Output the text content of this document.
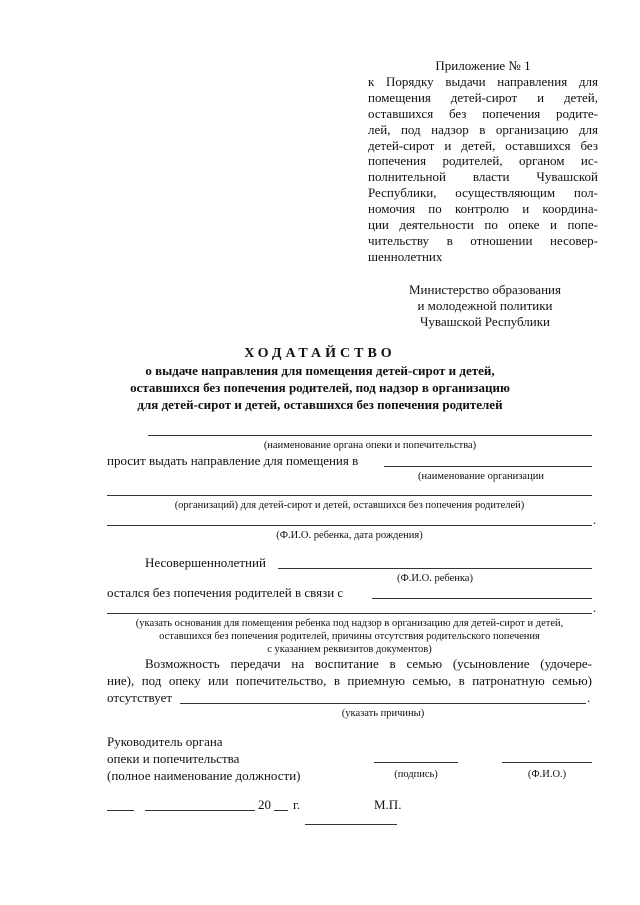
Приложение № 1
к Порядку выдачи направления для
помещения детей-сирот и детей,
оставшихся без попечения родите-
лей, под надзор в организацию для
детей-сирот и детей, оставшихся без
попечения родителей, органом ис-
полнительной власти Чувашской
Республики, осуществляющим пол-
номочия по контролю и координа-
ции деятельности по опеке и попе-
чительству в отношении несовер-
шеннолетних
Министерство образования
и молодежной политики
Чувашской Республики
ХОДАТАЙСТВО
о выдаче направления для помещения детей-сирот и детей,
оставшихся без попечения родителей, под надзор в организацию
для детей-сирот и детей, оставшихся без попечения родителей
(наименование органа опеки и попечительства)
просит выдать направление для помещения в
(наименование организации
(организаций) для детей-сирот и детей, оставшихся без попечения родителей)
.
(Ф.И.О. ребенка, дата рождения)
Несовершеннолетний
(Ф.И.О. ребенка)
остался без попечения родителей в связи с
.
(указать основания для помещения ребенка под надзор в организацию для детей-сирот и детей,
оставшихся без попечения родителей, причины отсутствия родительского попечения
с указанием реквизитов документов)
Возможность передачи на воспитание в семью (усыновление (удочере-
ние), под опеку или попечительство, в приемную семью, в патронатную семью)
отсутствует	.
(указать причины)
Руководитель органа
опеки и попечительства
(полное наименование должности)	(подпись)	(Ф.И.О.)
20 г.	М.П.
